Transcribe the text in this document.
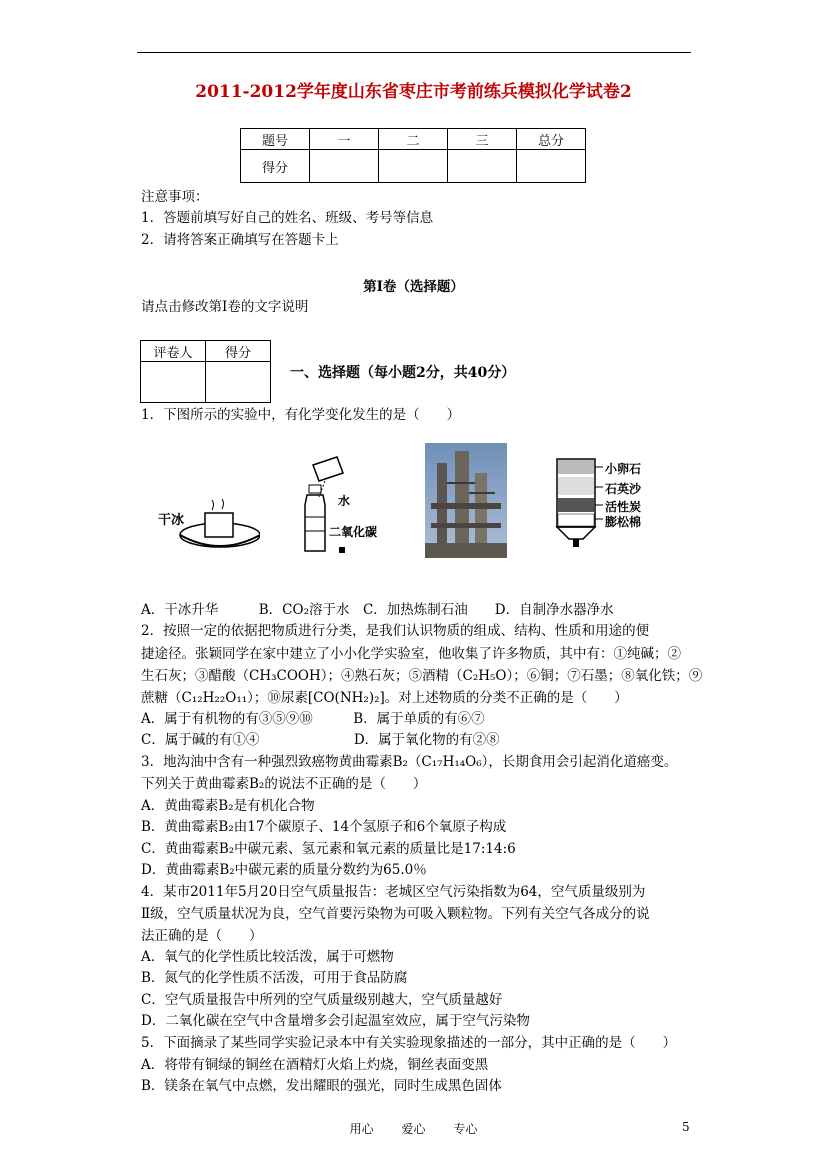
2011-2012学年度山东省枣庄市考前练兵模拟化学试卷2
题号	一	二	三	总分
得分				
注意事项：
1．答题前填写好自己的姓名、班级、考号等信息
2．请将答案正确填写在答题卡上
第I卷（选择题）
请点击修改第I卷的文字说明
评卷人	得分

一、选择题（每小题2分，共40分）
1．下图所示的实验中，有化学变化发生的是（　　）
干冰
水
二氧化碳
小卵石
石英沙
活性炭
膨松棉
A．干冰升华　　　B．CO₂溶于水　C．加热炼制石油　　D．自制净水器净水
2．按照一定的依据把物质进行分类，是我们认识物质的组成、结构、性质和用途的便
捷途径。张颖同学在家中建立了小小化学实验室，他收集了许多物质，其中有：①纯碱；②
生石灰；③醋酸（CH₃COOH）；④熟石灰；⑤酒精（C₂H₅O）；⑥铜；⑦石墨；⑧氧化铁；⑨
蔗糖（C₁₂H₂₂O₁₁）；⑩尿素[CO(NH₂)₂]。对上述物质的分类不正确的是（　　）
A．属于有机物的有③⑤⑨⑩　　　B．属于单质的有⑥⑦
C．属于碱的有①④　　　　　　　D．属于氧化物的有②⑧
3．地沟油中含有一种强烈致癌物黄曲霉素B₂（C₁₇H₁₄O₆），长期食用会引起消化道癌变。
下列关于黄曲霉素B₂的说法不正确的是（　　）
A．黄曲霉素B₂是有机化合物
B．黄曲霉素B₂由17个碳原子、14个氢原子和6个氧原子构成
C．黄曲霉素B₂中碳元素、氢元素和氧元素的质量比是17:14:6
D．黄曲霉素B₂中碳元素的质量分数约为65.0％
4．某市2011年5月20日空气质量报告：老城区空气污染指数为64，空气质量级别为
Ⅱ级，空气质量状况为良，空气首要污染物为可吸入颗粒物。下列有关空气各成分的说
法正确的是（　　）
A．氧气的化学性质比较活泼，属于可燃物
B．氮气的化学性质不活泼，可用于食品防腐
C．空气质量报告中所列的空气质量级别越大，空气质量越好
D．二氧化碳在空气中含量增多会引起温室效应，属于空气污染物
5．下面摘录了某些同学实验记录本中有关实验现象描述的一部分，其中正确的是（　　）
A．将带有铜绿的铜丝在酒精灯火焰上灼烧，铜丝表面变黑
B．镁条在氧气中点燃，发出耀眼的强光，同时生成黑色固体
用心 爱心 专心	5
